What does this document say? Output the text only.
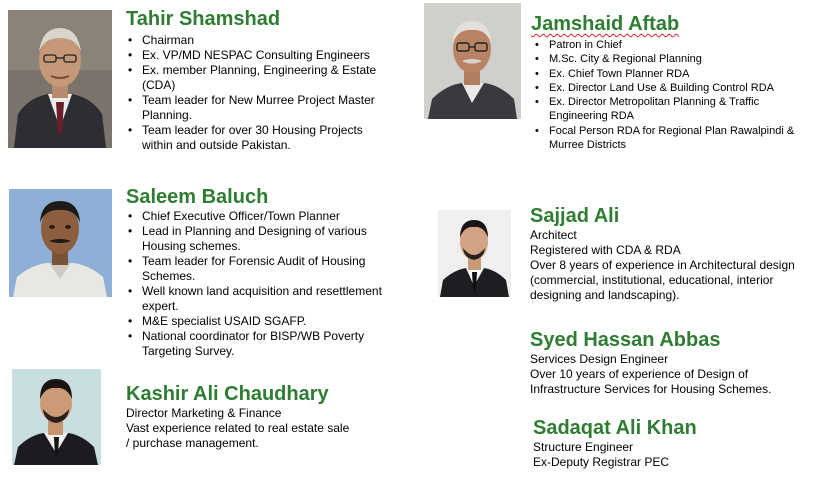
Tahir Shamshad
• Chairman
• Ex. VP/MD NESPAC Consulting Engineers
• Ex. member Planning, Engineering & Estate (CDA)
• Team leader for New Murree Project Master Planning.
• Team leader for over 30 Housing Projects within and outside Pakistan.
Jamshaid Aftab
• Patron in Chief
• M.Sc. City & Regional Planning
• Ex. Chief Town Planner RDA
• Ex. Director Land Use & Building Control RDA
• Ex. Director Metropolitan Planning & Traffic Engineering RDA
• Focal Person RDA for Regional Plan Rawalpindi & Murree Districts
Saleem Baluch
• Chief Executive Officer/Town Planner
• Lead in Planning and Designing of various Housing schemes.
• Team leader for Forensic Audit of Housing Schemes.
• Well known land acquisition and resettlement expert.
• M&E specialist USAID SGAFP.
• National coordinator for BISP/WB Poverty Targeting Survey.
Sajjad Ali
Architect
Registered with CDA & RDA
Over 8 years of experience in Architectural design (commercial, institutional, educational, interior designing and landscaping).
Kashir Ali Chaudhary
Director Marketing & Finance
Vast experience related to real estate sale / purchase management.
Syed Hassan Abbas
Services Design Engineer
Over 10 years of experience of Design of Infrastructure Services for Housing Schemes.
Sadaqat Ali Khan
Structure Engineer
Ex-Deputy Registrar PEC
